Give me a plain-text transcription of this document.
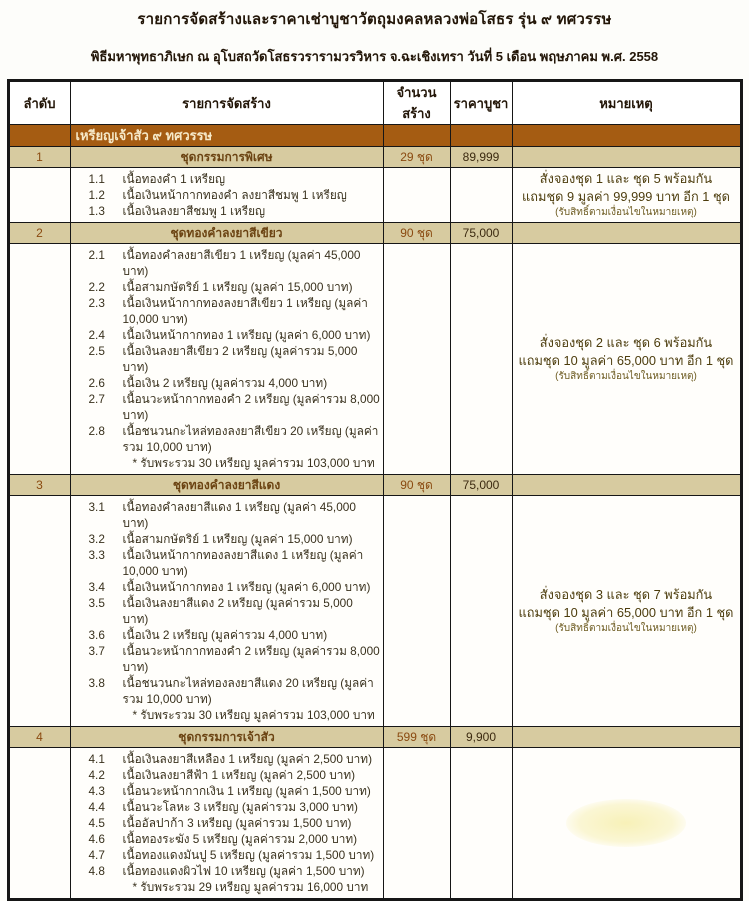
รายการจัดสร้างและราคาเช่าบูชาวัตถุมงคลหลวงพ่อโสธร รุ่น ๙ ทศวรรษ
พิธีมหาพุทธาภิเษก ณ อุโบสถวัดโสธรวรารามวรวิหาร จ.ฉะเชิงเทรา วันที่ 5 เดือน พฤษภาคม พ.ศ. 2558
ลำดับ	รายการจัดสร้าง	จำนวนสร้าง	ราคาบูชา	หมายเหตุ
	เหรียญเจ้าสัว ๙ ทศวรรษ			
1	ชุดกรรมการพิเศษ	29 ชุด	89,999	

1.1	เนื้อทองคำ 1 เหรียญ
1.2	เนื้อเงินหน้ากากทองคำ ลงยาสีชมพู 1 เหรียญ
1.3	เนื้อเงินลงยาสีชมพู 1 เหรียญ

สั่งจองชุด 1 และ ชุด 5 พร้อมกัน
แถมชุด 9 มูลค่า 99,999 บาท อีก 1 ชุด
(รับสิทธิ์ตามเงื่อนไขในหมายเหตุ)

2	ชุดทองคำลงยาสีเขียว	90 ชุด	75,000	

2.1	เนื้อทองคำลงยาสีเขียว 1 เหรียญ (มูลค่า 45,000 บาท)
2.2	เนื้อสามกษัตริย์ 1 เหรียญ (มูลค่า 15,000 บาท)
2.3	เนื้อเงินหน้ากากทองลงยาสีเขียว 1 เหรียญ (มูลค่า 10,000 บาท)
2.4	เนื้อเงินหน้ากากทอง 1 เหรียญ (มูลค่า 6,000 บาท)
2.5	เนื้อเงินลงยาสีเขียว 2 เหรียญ (มูลค่ารวม 5,000 บาท)
2.6	เนื้อเงิน 2 เหรียญ (มูลค่ารวม 4,000 บาท)
2.7	เนื้อนวะหน้ากากทองคำ 2 เหรียญ (มูลค่ารวม 8,000 บาท)
2.8	เนื้อชนวนกะไหล่ทองลงยาสีเขียว 20 เหรียญ (มูลค่ารวม 10,000 บาท)
* รับพระรวม 30 เหรียญ มูลค่ารวม 103,000 บาท

สั่งจองชุด 2 และ ชุด 6 พร้อมกัน
แถมชุด 10 มูลค่า 65,000 บาท อีก 1 ชุด
(รับสิทธิ์ตามเงื่อนไขในหมายเหตุ)

3	ชุดทองคำลงยาสีแดง	90 ชุด	75,000	

3.1	เนื้อทองคำลงยาสีแดง 1 เหรียญ (มูลค่า 45,000 บาท)
3.2	เนื้อสามกษัตริย์ 1 เหรียญ (มูลค่า 15,000 บาท)
3.3	เนื้อเงินหน้ากากทองลงยาสีแดง 1 เหรียญ (มูลค่า 10,000 บาท)
3.4	เนื้อเงินหน้ากากทอง 1 เหรียญ (มูลค่า 6,000 บาท)
3.5	เนื้อเงินลงยาสีแดง 2 เหรียญ (มูลค่ารวม 5,000 บาท)
3.6	เนื้อเงิน 2 เหรียญ (มูลค่ารวม 4,000 บาท)
3.7	เนื้อนวะหน้ากากทองคำ 2 เหรียญ (มูลค่ารวม 8,000 บาท)
3.8	เนื้อชนวนกะไหล่ทองลงยาสีแดง 20 เหรียญ (มูลค่ารวม 10,000 บาท)
* รับพระรวม 30 เหรียญ มูลค่ารวม 103,000 บาท

สั่งจองชุด 3 และ ชุด 7 พร้อมกัน
แถมชุด 10 มูลค่า 65,000 บาท อีก 1 ชุด
(รับสิทธิ์ตามเงื่อนไขในหมายเหตุ)

4	ชุดกรรมการเจ้าสัว	599 ชุด	9,900	

4.1	เนื้อเงินลงยาสีเหลือง 1 เหรียญ (มูลค่า 2,500 บาท)
4.2	เนื้อเงินลงยาสีฟ้า 1 เหรียญ (มูลค่า 2,500 บาท)
4.3	เนื้อนวะหน้ากากเงิน 1 เหรียญ (มูลค่า 1,500 บาท)
4.4	เนื้อนวะโลหะ 3 เหรียญ (มูลค่ารวม 3,000 บาท)
4.5	เนื้ออัลปาก้า 3 เหรียญ (มูลค่ารวม 1,500 บาท)
4.6	เนื้อทองระฆัง 5 เหรียญ (มูลค่ารวม 2,000 บาท)
4.7	เนื้อทองแดงมันปู 5 เหรียญ (มูลค่ารวม 1,500 บาท)
4.8	เนื้อทองแดงผิวไฟ 10 เหรียญ (มูลค่า 1,500 บาท)
* รับพระรวม 29 เหรียญ มูลค่ารวม 16,000 บาท
